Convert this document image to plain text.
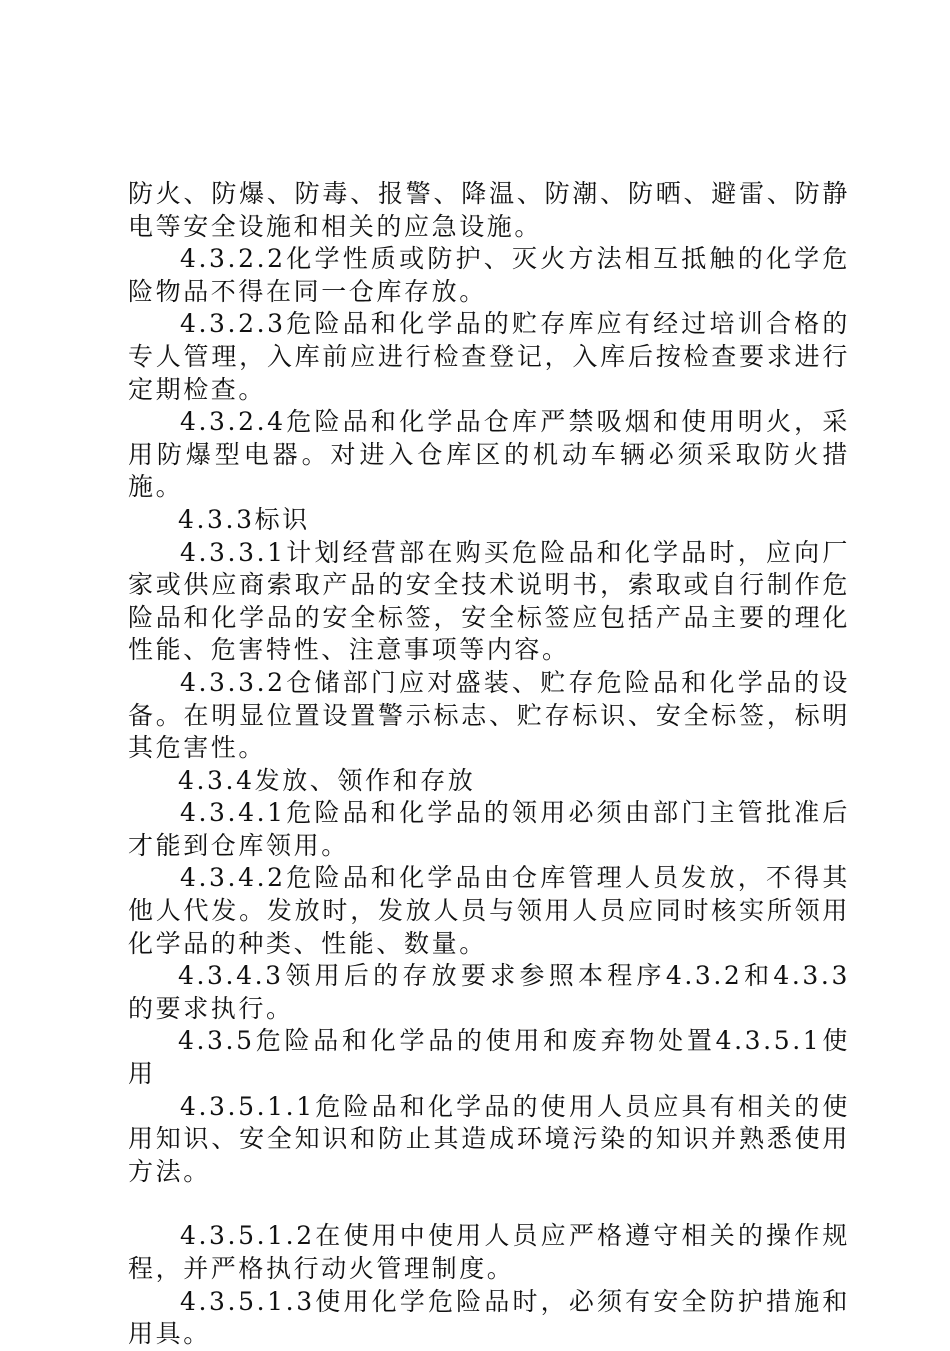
防火、防爆、防毒、报警、降温、防潮、防晒、避雷、防静电等安全设施和相关的应急设施。

4.3.2.2化学性质或防护、灭火方法相互抵触的化学危险物品不得在同一仓库存放。

4.3.2.3危险品和化学品的贮存库应有经过培训合格的专人管理，入库前应进行检查登记，入库后按检查要求进行定期检查。

4.3.2.4危险品和化学品仓库严禁吸烟和使用明火，采用防爆型电器。对进入仓库区的机动车辆必须采取防火措施。

4.3.3标识

4.3.3.1计划经营部在购买危险品和化学品时，应向厂家或供应商索取产品的安全技术说明书，索取或自行制作危险品和化学品的安全标签，安全标签应包括产品主要的理化性能、危害特性、注意事项等内容。

4.3.3.2仓储部门应对盛装、贮存危险品和化学品的设备。在明显位置设置警示标志、贮存标识、安全标签，标明其危害性。

4.3.4发放、领作和存放

4.3.4.1危险品和化学品的领用必须由部门主管批准后才能到仓库领用。

4.3.4.2危险品和化学品由仓库管理人员发放，不得其他人代发。发放时，发放人员与领用人员应同时核实所领用化学品的种类、性能、数量。

4.3.4.3领用后的存放要求参照本程序4.3.2和4.3.3的要求执行。

4.3.5危险品和化学品的使用和废弃物处置4.3.5.1使用

4.3.5.1.1危险品和化学品的使用人员应具有相关的使用知识、安全知识和防止其造成环境污染的知识并熟悉使用方法。

4.3.5.1.2在使用中使用人员应严格遵守相关的操作规程，并严格执行动火管理制度。

4.3.5.1.3使用化学危险品时，必须有安全防护措施和用具。
